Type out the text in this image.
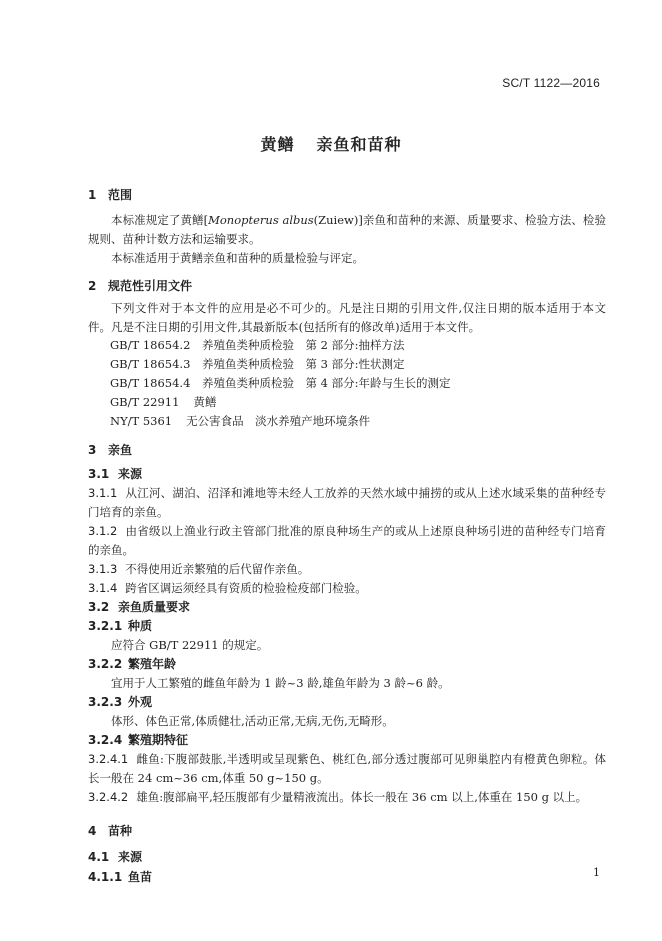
SC/T 1122—2016
黄鳝 亲鱼和苗种
1 范围
本标准规定了黄鳝[Monopterus albus(Zuiew)]亲鱼和苗种的来源、质量要求、检验方法、检验规则、苗种计数方法和运输要求。
本标准适用于黄鳝亲鱼和苗种的质量检验与评定。
2 规范性引用文件
下列文件对于本文件的应用是必不可少的。凡是注日期的引用文件,仅注日期的版本适用于本文件。凡是不注日期的引用文件,其最新版本(包括所有的修改单)适用于本文件。
GB/T 18654.2 养殖鱼类种质检验　第 2 部分:抽样方法
GB/T 18654.3 养殖鱼类种质检验　第 3 部分:性状测定
GB/T 18654.4 养殖鱼类种质检验　第 4 部分:年龄与生长的测定
GB/T 22911 黄鳝
NY/T 5361 无公害食品　淡水养殖产地环境条件
3 亲鱼
3.1 来源
3.1.1 从江河、湖泊、沼泽和滩地等未经人工放养的天然水域中捕捞的或从上述水域采集的苗种经专门培育的亲鱼。
3.1.2 由省级以上渔业行政主管部门批准的原良种场生产的或从上述原良种场引进的苗种经专门培育的亲鱼。
3.1.3 不得使用近亲繁殖的后代留作亲鱼。
3.1.4 跨省区调运须经具有资质的检验检疫部门检验。
3.2 亲鱼质量要求
3.2.1 种质
应符合 GB/T 22911 的规定。
3.2.2 繁殖年龄
宜用于人工繁殖的雌鱼年龄为 1 龄~3 龄,雄鱼年龄为 3 龄~6 龄。
3.2.3 外观
体形、体色正常,体质健壮,活动正常,无病,无伤,无畸形。
3.2.4 繁殖期特征
3.2.4.1 雌鱼:下腹部鼓胀,半透明或呈现紫色、桃红色,部分透过腹部可见卵巢腔内有橙黄色卵粒。体长一般在 24 cm~36 cm,体重 50 g~150 g。
3.2.4.2 雄鱼:腹部扁平,轻压腹部有少量精液流出。体长一般在 36 cm 以上,体重在 150 g 以上。
4 苗种
4.1 来源
4.1.1 鱼苗	1
